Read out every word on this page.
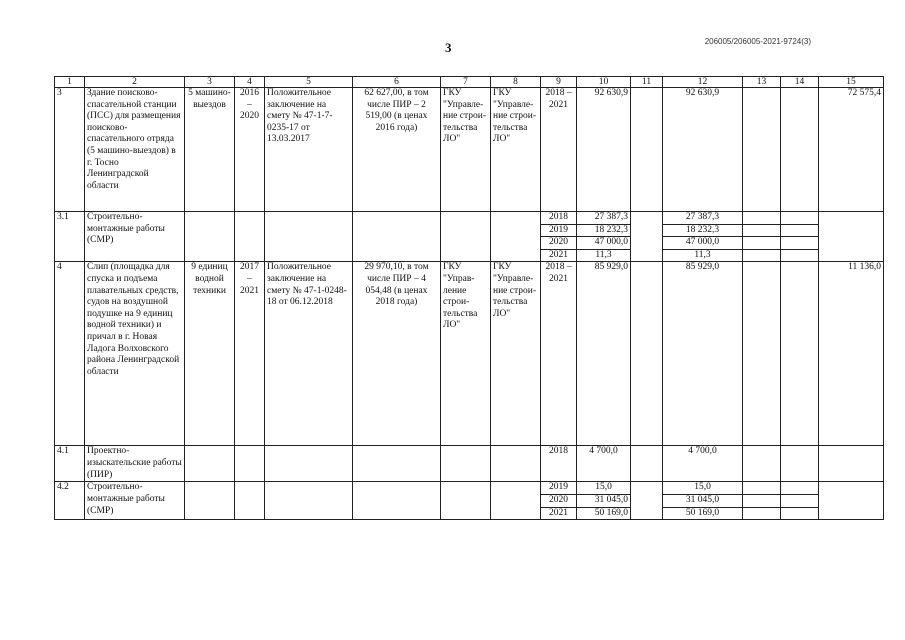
3	206005/206005-2021-9724(3)
1	2	3	4	5	6	7	8	9	10	11	12	13	14	15
3	Здание поисково-спасательной станции (ПСС) для размещения поисково-спасательного отряда (5 машино-выездов) в г. Тосно Ленинградской области	5 машино-выездов	2016 – 2020	Положительное заключение на смету № 47-1-7-0235-17 от 13.03.2017	62 627,00, в том числе ПИР – 2 519,00 (в ценах 2016 года)	ГКУ "Управле-ние строи-тельства ЛО"	ГКУ "Управле-ние строи-тельства ЛО"	2018 – 2021	92 630,9		92 630,9			72 575,4
3.1	Строительно-монтажные работы (СМР)							2018	27 387,3		27 387,3			
								2019	18 232,3		18 232,3			
								2020	47 000,0		47 000,0			
								2021	11,3		11,3			
4	Слип (площадка для спуска и подъема плавательных средств, судов на воздушной подушке на 9 единиц водной техники) и причал в г. Новая Ладога Волховского района Ленинградской области	9 единиц водной техники	2017 – 2021	Положительное заключение на смету № 47-1-0248-18 от 06.12.2018	29 970,10, в том числе ПИР – 4 054,48 (в ценах 2018 года)	ГКУ "Управ-ление строи-тельства ЛО"	ГКУ "Управле-ние строи-тельства ЛО"	2018 – 2021	85 929,0		85 929,0			11 136,0
4.1	Проектно-изыскательские работы (ПИР)							2018	4 700,0		4 700,0			
4.2	Строительно-монтажные работы (СМР)							2019	15,0		15,0			
								2020	31 045,0		31 045,0			
								2021	50 169,0		50 169,0			
